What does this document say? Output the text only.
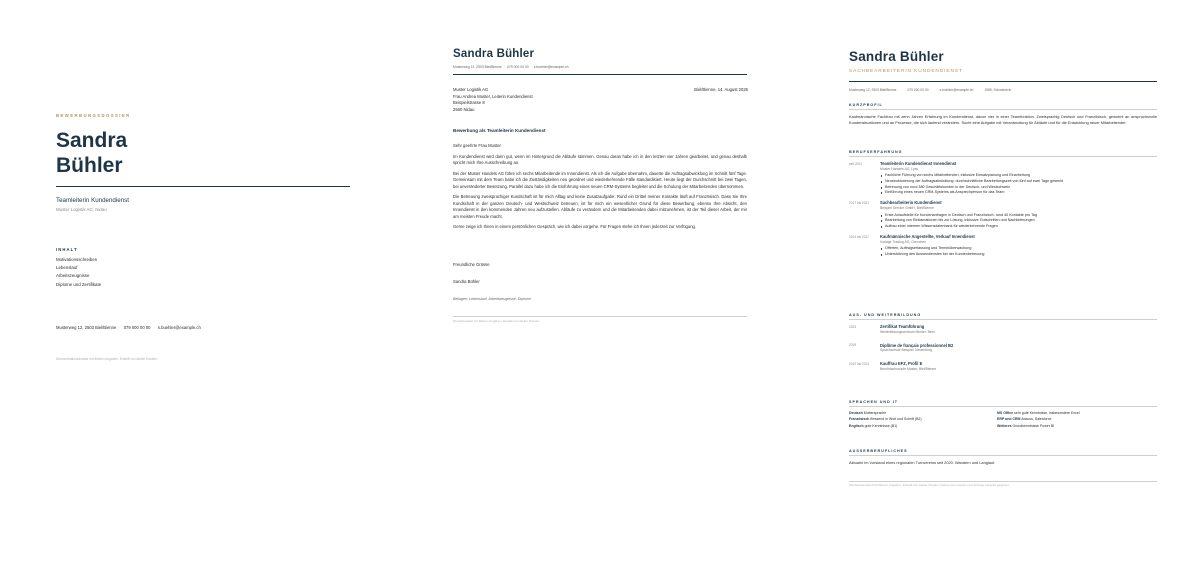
BEWERBUNGSDOSSIER
Sandra
Bühler
Teamleiterin Kundendienst
Muster Logistik AG, Nidau
INHALT
Motivationsschreiben
Lebenslauf
Arbeitszeugnisse
Diplome und Zertifikate
Musterweg 12, 2503 Biel/Bienne · 079 000 00 00 · s.buehler@example.ch
Demonstrationsdossier mit fiktiven Angaben. Erstellt von Atelier Dossier.
Sandra Bühler
Musterweg 12, 2503 Biel/Bienne · 079 000 00 00 · s.buehler@example.ch
Muster Logistik AG
Frau Andrea Muster, Leiterin Kundendienst
Beispielstrasse 8
2560 Nidau
Biel/Bienne, 14. August 2026
Bewerbung als Teamleiterin Kundendienst

Sehr geehrte Frau Muster

Im Kundendienst wird dann gut, wenn im Hintergrund die Abläufe stimmen. Genau daran habe ich in den letzten vier Jahren gearbeitet, und genau deshalb spricht mich Ihre Ausschreibung an.

Bei der Muster Handels AG führe ich sechs Mitarbeitende im Innendienst. Als ich die Aufgabe übernahm, dauerte die Auftragsabwicklung im Schnitt fünf Tage. Gemeinsam mit dem Team habe ich die Zuständigkeiten neu geordnet und wiederkehrende Fälle standardisiert. Heute liegt der Durchschnitt bei zwei Tagen, bei unveränderter Besetzung. Parallel dazu habe ich die Einführung eines neuen CRM-Systems begleitet und die Schulung der Mitarbeitenden übernommen.

Die Betreuung zweisprachiger Kundschaft ist für mich Alltag und keine Zusatzaufgabe: Rund ein Drittel meiner Kontakte läuft auf Französisch. Dass Sie Ihre Kundschaft in der ganzen Deutsch- und Westschweiz betreuen, ist für mich ein wesentlicher Grund für diese Bewerbung, ebenso Ihre Absicht, den Innendienst in den kommenden Jahren neu aufzustellen. Abläufe zu verändern und die Mitarbeitenden dabei mitzunehmen, ist der Teil dieser Arbeit, der mir am meisten Freude macht.

Gerne zeige ich Ihnen in einem persönlichen Gespräch, wie ich dabei vorgehe. Für Fragen stehe ich Ihnen jederzeit zur Verfügung.

Freundliche Grüsse
Sandra Bühler
Beilagen: Lebenslauf, Arbeitszeugnisse, Diplome
Musterbeispiel mit fiktiven Angaben. Erstellt von Atelier Dossier.
Sandra Bühler
SACHBEARBEITERIN KUNDENDIENST
Musterweg 12, 2503 Biel/Bienne	079 000 00 00	s.buehler@example.ch	1985, Schweizerin
KURZPROFIL
Kaufmännische Fachfrau mit zehn Jahren Erfahrung im Kundendienst, davon vier in einer Teamfunktion. Zweisprachig Deutsch und Französisch, gewohnt an anspruchsvolle Kundensituationen und an Prozesse, die sich laufend verändern. Sucht eine Aufgabe mit Verantwortung für Abläufe und für die Entwicklung neuer Mitarbeitender.
BERUFSERFAHRUNG
seit 2021	Teamleiterin Kundendienst Innendienst
Muster Handels AG, Lyss
Fachliche Führung von sechs Mitarbeitenden, inklusive Einsatzplanung und Einarbeitung
Neustrukturierung der Auftragsabwicklung: durchschnittliche Bearbeitungszeit von fünf auf zwei Tage gesenkt
Betreuung von rund 380 Geschäftskunden in der Deutsch- und Westschweiz
Einführung eines neuen CRM-Systems als Ansprechperson für das Team
2017 bis 2021	Sachbearbeiterin Kundendienst
Beispiel Service GmbH, Biel/Bienne
Erste Anlaufstelle für Kundenanfragen in Deutsch und Französisch, rund 40 Kontakte pro Tag
Bearbeitung von Reklamationen bis zur Lösung, inklusive Gutschriften und Nachlieferungen
Aufbau einer internen Wissensdatenbank für wiederkehrende Fragen
2014 bis 2017	Kaufmännische Angestellte, Verkauf Innendienst
Vorlage Trading AG, Grenchen
Offerten, Auftragserfassung und Terminüberwachung
Unterstützung des Aussendienstes bei der Kundenbetreuung
AUS- UND WEITERBILDUNG
2023	Zertifikat Teamführung
Weiterbildungszentrum Muster, Bern
2019	Diplôme de français professionnel B2
Sprachschule Beispiel, Neuenburg
2010 bis 2013	Kauffrau EFZ, Profil E
Berufsfachschule Muster, Biel/Bienne
SPRACHEN UND IT
Deutsch Muttersprache	MS Office sehr gute Kenntnisse, insbesondere Excel
Französisch fliessend in Wort und Schrift (B2)	ERP und CRM Abacus, Salesforce
Englisch gute Kenntnisse (B1)	Weiteres Grundkenntnisse Power BI
AUSSERBERUFLICHES
Aktuarin im Vorstand eines regionalen Turnvereins seit 2020. Wandern und Langlauf.
Musterlebenslauf mit fiktiven Angaben. Erstellt von Atelier Dossier. Referenzen werden auf Anfrage bekannt gegeben.
